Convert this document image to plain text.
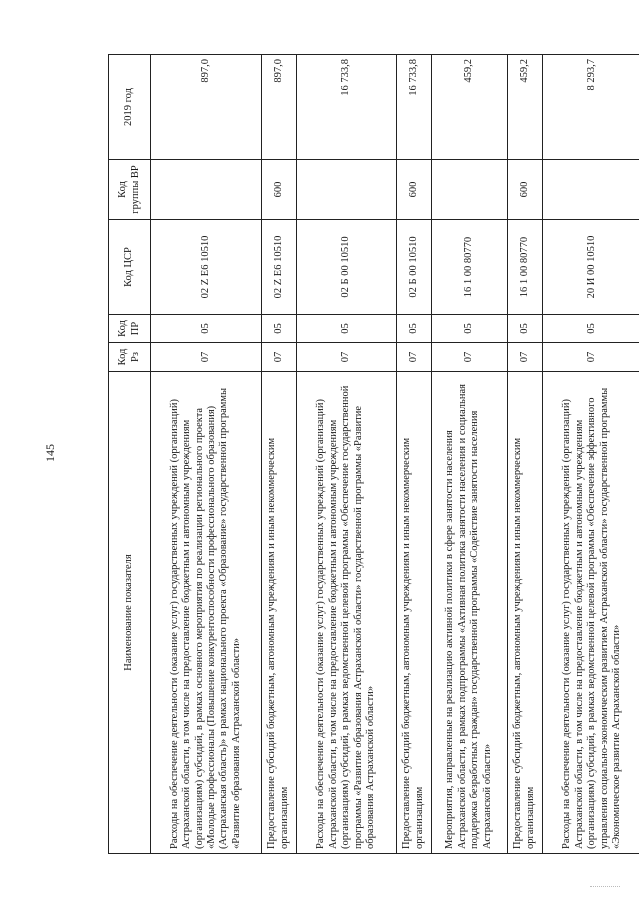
145
Наименование показателя	Код Рз	Код ПР	Код ЦСР	Код группы ВР	2019 год
Расходы на обеспечение деятельности (оказание услуг) государственных учреждений (организаций) Астраханской области, в том числе на предоставление бюджетным и автономным учреждениям (организациям) субсидий, в рамках основного мероприятия по реализации регионального проекта «Молодые профессионалы (Повышение конкурентоспособности профессионального образования) (Астраханская область)» в рамках национального проекта «Образование» государственной программы «Развитие образования Астраханской области»	07	05	02 Z Е6 10510		897,0
Предоставление субсидий бюджетным, автономным учреждениям и иным некоммерческим организациям	07	05	02 Z Е6 10510	600	897,0
Расходы на обеспечение деятельности (оказание услуг) государственных учреждений (организаций) Астраханской области, в том числе на предоставление бюджетным и автономным учреждениям (организациям) субсидий, в рамках ведомственной целевой программы «Обеспечение государственной программы «Развитие образования Астраханской области» государственной программы «Развитие образования Астраханской области»	07	05	02 Б 00 10510		16 733,8
Предоставление субсидий бюджетным, автономным учреждениям и иным некоммерческим организациям	07	05	02 Б 00 10510	600	16 733,8
Мероприятия, направленные на реализацию активной политики в сфере занятости населения Астраханской области, в рамках подпрограммы «Активная политика занятости населения и социальная поддержка безработных граждан» государственной программы «Содействие занятости населения Астраханской области»	07	05	16 1 00 80770		459,2
Предоставление субсидий бюджетным, автономным учреждениям и иным некоммерческим организациям	07	05	16 1 00 80770	600	459,2
Расходы на обеспечение деятельности (оказание услуг) государственных учреждений (организаций) Астраханской области, в том числе на предоставление бюджетным и автономным учреждениям (организациям) субсидий, в рамках ведомственной целевой программы «Обеспечение эффективного управления социально-экономическим развитием Астраханской области» государственной программы «Экономическое развитие Астраханской области»	07	05	20 И 00 10510		8 293,7
